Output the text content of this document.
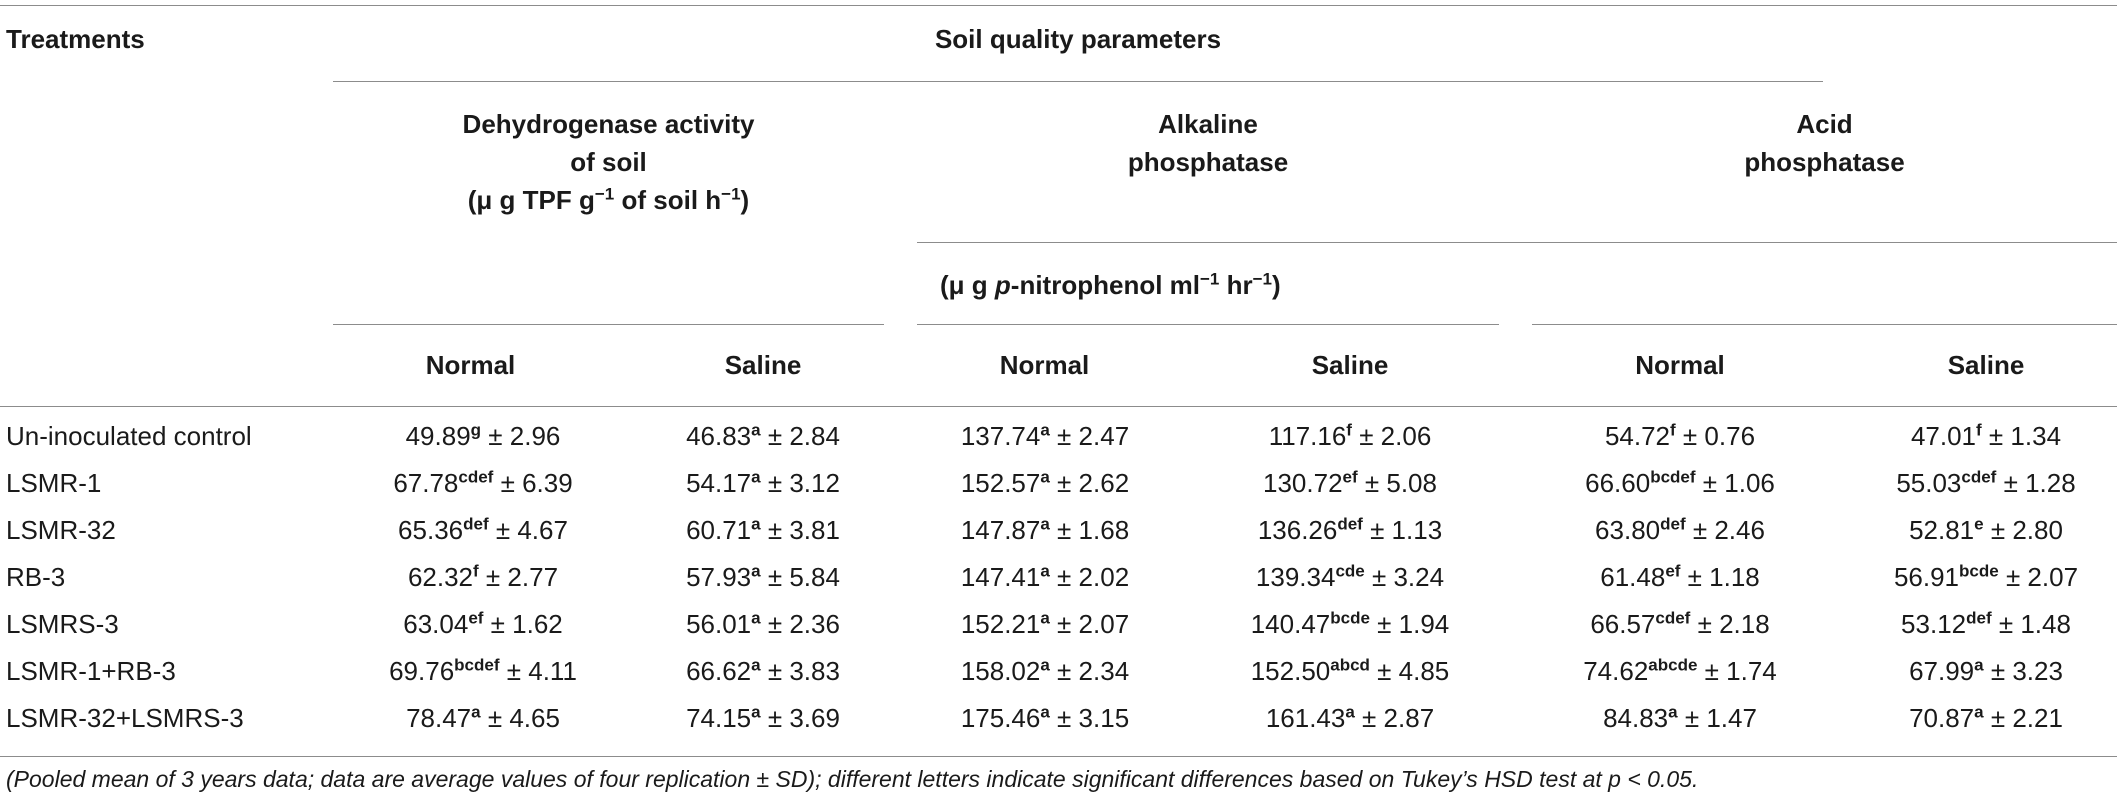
Treatments	Soil quality parameters
Dehydrogenase activity
of soil
(μ g TPF $g^{-1}$ of soil $h^{-1}$)
Alkaline
phosphatase
Acid
phosphatase
(μ g p-nitrophenol $ml^{-1}$ $hr^{-1}$)
Normal	Saline	Normal	Saline	Normal	Saline
Un-inoculated control	49.89$^g$ ± 2.96	46.83$^a$ ± 2.84	137.74$^a$ ± 2.47	117.16$^f$ ± 2.06	54.72$^f$ ± 0.76	47.01$^f$ ± 1.34
LSMR-1	$67.78^{cdef} \pm 6.39$	54.17$^a$ ± 3.12	152.57$^a$ ± 2.62	130.72$^{ef}$ ± 5.08	$66.60^{bcdef} \pm 1.06$	$55.03^{cdef} \pm 1.28$
LSMR-32	65.36$^{def}$ ± 4.67	60.71$^a$ ± 3.81	147.87$^a$ ± 1.68	136.26$^{def}$ ± 1.13	63.80$^{def}$ ± 2.46	52.81$^e$ ± 2.80
RB-3	62.32$^f$ ± 2.77	57.93$^a$ ± 5.84	147.41$^a$ ± 2.02	139.34$^{cde}$ ± 3.24	61.48$^{ef}$ ± 1.18	$56.91^{bcde} \pm 2.07$
LSMRS-3	63.04$^{ef}$ ± 1.62	56.01$^a$ ± 2.36	152.21$^a$ ± 2.07	$140.47^{bcde} \pm 1.94$	$66.57^{cdef} \pm 2.18$	53.12$^{def}$ ± 1.48
LSMR-1+RB-3	$69.76^{bcdef} \pm 4.11$	66.62$^a$ ± 3.83	158.02$^a$ ± 2.34	$152.50^{abcd} \pm 4.85$	$74.62^{abcde} \pm 1.74$	67.99$^a$ ± 3.23
LSMR-32+LSMRS-3	78.47$^a$ ± 4.65	74.15$^a$ ± 3.69	175.46$^a$ ± 3.15	161.43$^a$ ± 2.87	84.83$^a$ ± 1.47	70.87$^a$ ± 2.21
(Pooled mean of 3 years data; data are average values of four replication ± SD); different letters indicate significant differences based on Tukey’s HSD test at p < 0.05.
